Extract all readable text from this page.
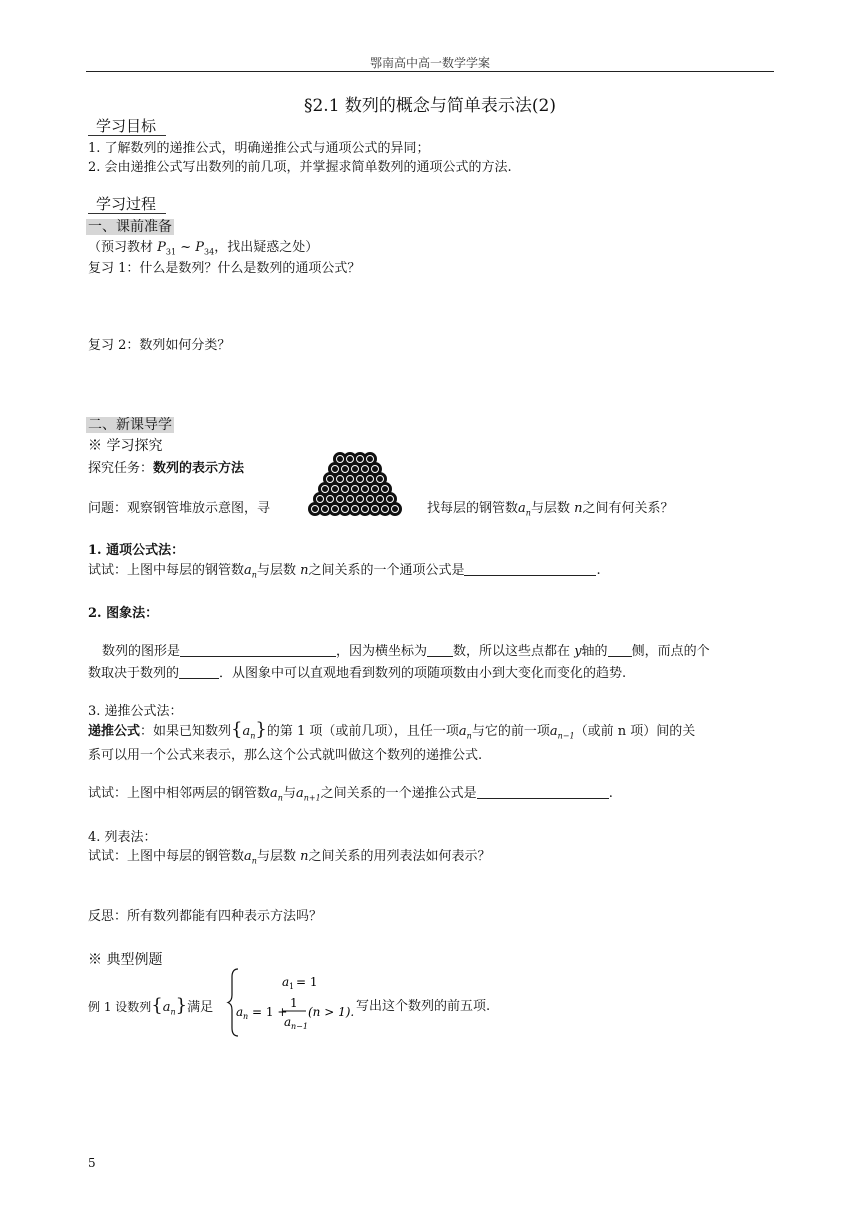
鄂南高中高一数学学案
§2.1 数列的概念与简单表示法(2)
学习目标
1. 了解数列的递推公式，明确递推公式与通项公式的异同；
2. 会由递推公式写出数列的前几项，并掌握求简单数列的通项公式的方法.
学习过程
一、课前准备
（预习教材 $P_{31}$ ~ $P_{34}$，找出疑惑之处）
复习 1：什么是数列？什么是数列的通项公式？
复习 2：数列如何分类？
二、新课导学
※ 学习探究
探究任务：数列的表示方法
问题：观察钢管堆放示意图，寻	找每层的钢管数$a_n$与层数 n之间有何关系？
1. 通项公式法：
试试：上图中每层的钢管数$a_n$与层数 n之间关系的一个通项公式是	.
2. 图象法：
数列的图形是	，因为横坐标为 数，所以这些点都在 y轴的 侧，而点的个
数取决于数列的	．从图象中可以直观地看到数列的项随项数由小到大变化而变化的趋势.
3. 递推公式法：
递推公式：如果已知数列$\{a_n\}$的第 1 项（或前几项），且任一项$a_n$与它的前一项$a_{n-1}$（或前 n 项）间的关
系可以用一个公式来表示，那么这个公式就叫做这个数列的递推公式.
试试：上图中相邻两层的钢管数$a_n$与$a_{n+1}$之间关系的一个递推公式是	.
4. 列表法：
试试：上图中每层的钢管数$a_n$与层数 n之间关系的用列表法如何表示？
反思：所有数列都能有四种表示方法吗？
※ 典型例题
例 1 设数列$\{a_n\}$满足
a 1 = 1
a n = 1 +
1
a n−1
(n > 1). 写出这个数列的前五项.
5
